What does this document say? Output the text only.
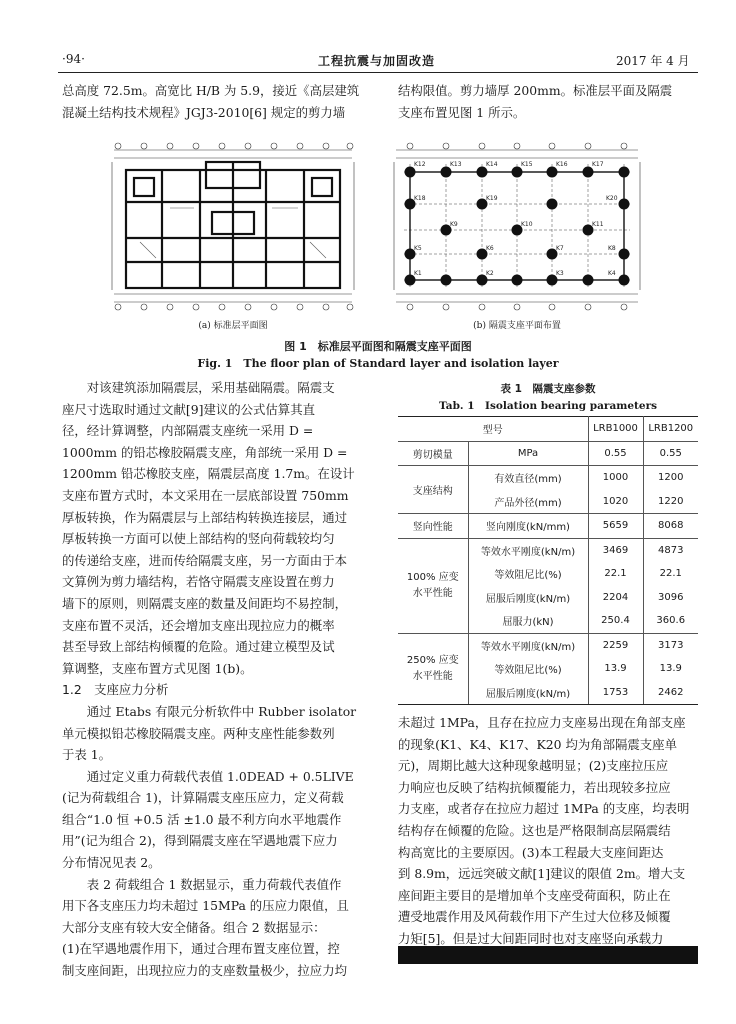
·94·	工程抗震与加固改造	2017 年 4 月

总高度 72.5m。高宽比 H/B 为 5.9，接近《高层建筑

混凝土结构技术规程》JGJ3-2010[6] 规定的剪力墙

结构限值。剪力墙厚 200mm。标准层平面及隔震

支座布置见图 1 所示。

(a) 标准层平面图
K12	K13	K14	K15	K16	K17
K18	K19	K20
K9	K10	K11
K5	K6	K7	K8
K1	K2	K3	K4
(b) 隔震支座平面布置
图 1　标准层平面图和隔震支座平面图
Fig. 1　The floor plan of Standard layer and isolation layer

对该建筑添加隔震层，采用基础隔震。隔震支

座尺寸选取时通过文献[9]建议的公式估算其直

径，经计算调整，内部隔震支座统一采用 D =

1000mm 的铅芯橡胶隔震支座，角部统一采用 D =

1200mm 铅芯橡胶支座，隔震层高度 1.7m。在设计

支座布置方式时，本文采用在一层底部设置 750mm

厚板转换，作为隔震层与上部结构转换连接层，通过

厚板转换一方面可以使上部结构的竖向荷载较均匀

的传递给支座，进而传给隔震支座，另一方面由于本

文算例为剪力墙结构，若恪守隔震支座设置在剪力

墙下的原则，则隔震支座的数量及间距均不易控制，

支座布置不灵活，还会增加支座出现拉应力的概率

甚至导致上部结构倾覆的危险。通过建立模型及试

算调整，支座布置方式见图 1(b)。

1.2　支座应力分析

通过 Etabs 有限元分析软件中 Rubber isolator

单元模拟铅芯橡胶隔震支座。两种支座性能参数列

于表 1。

通过定义重力荷载代表值 1.0DEAD + 0.5LIVE

(记为荷载组合 1)，计算隔震支座压应力，定义荷载

组合“1.0 恒 +0.5 活 ±1.0 最不利方向水平地震作

用”(记为组合 2)，得到隔震支座在罕遇地震下应力

分布情况见表 2。

表 2 荷载组合 1 数据显示，重力荷载代表值作

用下各支座压力均未超过 15MPa 的压应力限值，且

大部分支座有较大安全储备。组合 2 数据显示：

(1)在罕遇地震作用下，通过合理布置支座位置，控

制支座间距，出现拉应力的支座数量极少，拉应力均

表 1　隔震支座参数
Tab. 1　Isolation bearing parameters
型号		LRB1000	LRB1200
剪切模量	MPa	0.55	0.55
支座结构	有效直径(mm)	1000	1200
	产品外径(mm)	1020	1220
竖向性能	竖向刚度(kN/mm)	5659	8068
100% 应变
水平性能	等效水平刚度(kN/m)	3469	4873
	等效阻尼比(%)	22.1	22.1
	屈服后刚度(kN/m)	2204	3096
	屈服力(kN)	250.4	360.6
250% 应变
水平性能	等效水平刚度(kN/m)	2259	3173
	等效阻尼比(%)	13.9	13.9
	屈服后刚度(kN/m)	1753	2462

未超过 1MPa，且存在拉应力支座易出现在角部支座

的现象(K1、K4、K17、K20 均为角部隔震支座单

元)，周期比越大这种现象越明显；(2)支座拉压应

力响应也反映了结构抗倾覆能力，若出现较多拉应

力支座，或者存在拉应力超过 1MPa 的支座，均表明

结构存在倾覆的危险。这也是严格限制高层隔震结

构高宽比的主要原因。(3)本工程最大支座间距达

到 8.9m，远远突破文献[1]建议的限值 2m。增大支

座间距主要目的是增加单个支座受荷面积，防止在

遭受地震作用及风荷载作用下产生过大位移及倾覆

力矩[5]。但是过大间距同时也对支座竖向承载力
